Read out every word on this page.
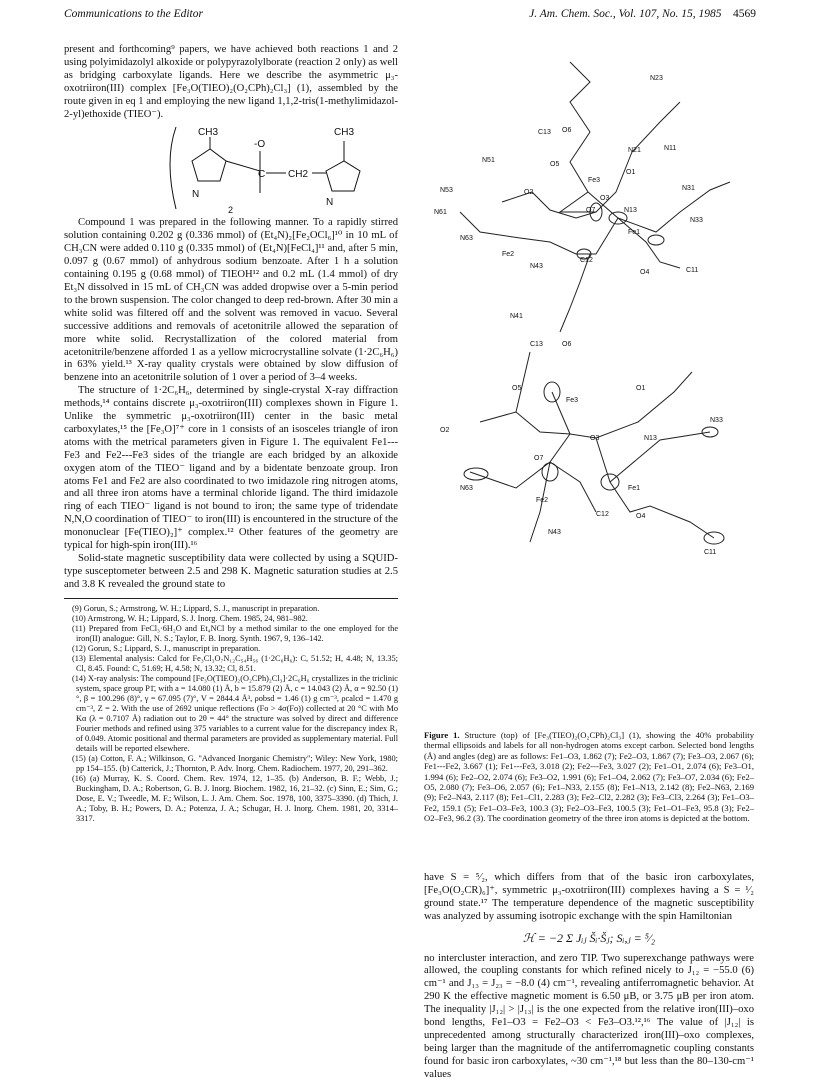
Communications to the Editor	J. Am. Chem. Soc., Vol. 107, No. 15, 1985 4569

present and forthcoming⁹ papers, we have achieved both reactions 1 and 2 using polyimidazolyl alkoxide or polypyrazolylborate (reaction 2 only) as well as bridging carboxylate ligands. Here we describe the asymmetric μ₃-oxotriiron(III) complex [Fe₃O(TIEO)₂(O₂CPh)₂Cl₃] (1), assembled by the route given in eq 1 and employing the new ligand 1,1,2-tris(1-methylimidazol-2-yl)ethoxide (TIEO⁻).

CH3	CH3
-O
C CH2
N
N
2

Compound 1 was prepared in the following manner. To a rapidly stirred solution containing 0.202 g (0.336 mmol) of (Et₄N)₂[Fe₂OCl₆]¹⁰ in 10 mL of CH₃CN were added 0.110 g (0.335 mmol) of (Et₄N)[FeCl₄]¹¹ and, after 5 min, 0.097 g (0.67 mmol) of anhydrous sodium benzoate. After 1 h a solution containing 0.195 g (0.68 mmol) of TIEOH¹² and 0.2 mL (1.4 mmol) of dry Et₃N dissolved in 15 mL of CH₃CN was added dropwise over a 5-min period to the brown suspension. The color changed to deep red-brown. After 30 min a white solid was filtered off and the solvent was removed in vacuo. Several successive additions and removals of acetonitrile allowed the separation of more white solid. Recrystallization of the colored material from acetonitrile/benzene afforded 1 as a yellow microcrystalline solvate (1·2C₆H₆) in 63% yield.¹³ X-ray quality crystals were obtained by slow diffusion of benzene into an acetonitrile solution of 1 over a period of 3–4 weeks.

The structure of 1·2C₆H₆, determined by single-crystal X-ray diffraction methods,¹⁴ contains discrete μ₃-oxotriiron(III) complexes shown in Figure 1. Unlike the symmetric μ₃-oxotriiron(III) center in the basic metal carboxylates,¹⁵ the [Fe₃O]⁷⁺ core in 1 consists of an isosceles triangle of iron atoms with the metrical parameters given in Figure 1. The equivalent Fe1---Fe3 and Fe2---Fe3 sides of the triangle are each bridged by an alkoxide oxygen atom of the TIEO⁻ ligand and by a bidentate benzoate group. Iron atoms Fe1 and Fe2 are also coordinated to two imidazole ring nitrogen atoms, and all three iron atoms have a terminal chloride ligand. The third imidazole ring of each TIEO⁻ ligand is not bound to iron; the same type of tridendate N,N,O coordination of TIEO⁻ to iron(III) is encountered in the structure of the mononuclear [Fe(TIEO)₂]⁺ complex.¹² Other features of the geometry are typical for high-spin iron(III).¹⁶

Solid-state magnetic susceptibility data were collected by using a SQUID-type susceptometer between 2.5 and 298 K. Magnetic saturation studies at 2.5 and 3.8 K revealed the ground state to

(9) Gorun, S.; Armstrong, W. H.; Lippard, S. J., manuscript in preparation.
(10) Armstrong, W. H.; Lippard, S. J. Inorg. Chem. 1985, 24, 981–982.
(11) Prepared from FeCl₃·6H₂O and Et₄NCl by a method similar to the one employed for the iron(II) analogue: Gill, N. S.; Taylor, F. B. Inorg. Synth. 1967, 9, 136–142.
(12) Gorun, S.; Lippard, S. J., manuscript in preparation.
(13) Elemental analysis: Calcd for Fe₃Cl₃O₇N₁₂C₅₄H₅₆ (1·2C₆H₆): C, 51.52; H, 4.48; N, 13.35; Cl, 8.45. Found: C, 51.69; H, 4.58; N, 13.32; Cl, 8.51.
(14) X-ray analysis: The compound [Fe₃O(TIEO)₂(O₂CPh)₂Cl₃]·2C₆H₆ crystallizes in the triclinic system, space group P1̄, with a = 14.080 (1) Å, b = 15.879 (2) Å, c = 14.043 (2) Å, α = 92.50 (1)°, β = 100.296 (8)°, γ = 67.095 (7)°, V = 2844.4 Å³, ρobsd = 1.46 (1) g cm⁻³, ρcalcd = 1.470 g cm⁻³, Z = 2. With the use of 2692 unique reflections (Fo > 4σ(Fo)) collected at 20 °C with Mo Kα (λ = 0.7107 Å) radiation out to 2θ = 44° the structure was solved by direct and difference Fourier methods and refined using 375 variables to a current value for the discrepancy index R₁ of 0.049. Atomic positional and thermal parameters are provided as supplementary material. Full details will be reported elsewhere.
(15) (a) Cotton, F. A.; Wilkinson, G. "Advanced Inorganic Chemistry"; Wiley: New York, 1980; pp 154–155. (b) Catterick, J.; Thornton, P. Adv. Inorg. Chem. Radiochem. 1977, 20, 291–362.
(16) (a) Murray, K. S. Coord. Chem. Rev. 1974, 12, 1–35. (b) Anderson, B. F.; Webb, J.; Buckingham, D. A.; Robertson, G. B. J. Inorg. Biochem. 1982, 16, 21–32. (c) Sinn, E.; Sim, G.; Dose, E. V.; Tweedle, M. F.; Wilson, L. J. Am. Chem. Soc. 1978, 100, 3375–3390. (d) Thich, J. A.; Toby, B. H.; Powers, D. A.; Potenza, J. A.; Schugar, H. J. Inorg. Chem. 1981, 20, 3314–3317.
N23
C13 O6
N21	N11
N51
O5
Fe3
O1
N31
N53	O2
O3
N13
N33
N61	O7
Fe1
N63
Fe2
C12
O4	C11
N43
N41
C13	O6
O5
Fe3
O1
O2
N13
N33
O3
O7
Fe1
N63
Fe2
C12	O4
N43
C11
Figure 1. Structure (top) of [Fe₃(TIEO)₂(O₂CPh)₂Cl₃] (1), showing the 40% probability thermal ellipsoids and labels for all non-hydrogen atoms except carbon. Selected bond lengths (Å) and angles (deg) are as follows: Fe1–O3, 1.862 (7); Fe2–O3, 1.867 (7); Fe3–O3, 2.067 (6); Fe1---Fe2, 3.667 (1); Fe1---Fe3, 3.018 (2); Fe2---Fe3, 3.027 (2); Fe1–O1, 2.074 (6); Fe3–O1, 1.994 (6); Fe2–O2, 2.074 (6); Fe3–O2, 1.991 (6); Fe1–O4, 2.062 (7); Fe3–O7, 2.034 (6); Fe2–O5, 2.080 (7); Fe3–O6, 2.057 (6); Fe1–N33, 2.155 (8); Fe1–N13, 2.142 (8); Fe2–N63, 2.169 (9); Fe2–N43, 2.117 (8); Fe1–Cl1, 2.283 (3); Fe2–Cl2, 2.282 (3); Fe3–Cl3, 2.264 (3); Fe1–O3–Fe2, 159.1 (5); Fe1–O3–Fe3, 100.3 (3); Fe2–O3–Fe3, 100.5 (3); Fe1–O1–Fe3, 95.8 (3); Fe2–O2–Fe3, 96.2 (3). The coordination geometry of the three iron atoms is depicted at the bottom.

have S = ⁵⁄₂, which differs from that of the basic iron carboxylates, [Fe₃O(O₂CR)₆]⁺, symmetric μ₃-oxotriiron(III) complexes having a S = ¹⁄₂ ground state.¹⁷ The temperature dependence of the magnetic susceptibility was analyzed by assuming isotropic exchange with the spin Hamiltonian

ℋ = −2 Σ Jᵢⱼ Šᵢ·Šⱼ; Sᵢ,ⱼ = ⁵⁄₂

no intercluster interaction, and zero TIP. Two superexchange pathways were allowed, the coupling constants for which refined nicely to J₁₂ = −55.0 (6) cm⁻¹ and J₁₃ = J₂₃ = −8.0 (4) cm⁻¹, revealing antiferromagnetic behavior. At 290 K the effective magnetic moment is 6.50 μB, or 3.75 μB per iron atom. The inequality |J₁₂| > |J₁₃| is the one expected from the relative iron(III)–oxo bond lengths, Fe1–O3 = Fe2–O3 < Fe3–O3.¹²,¹⁶ The value of |J₁₂| is unprecedented among structurally characterized iron(III)–oxo complexes, being larger than the magnitude of the antiferromagnetic coupling constants found for basic iron carboxylates, ~30 cm⁻¹,¹⁸ but less than the 80–130-cm⁻¹ values
